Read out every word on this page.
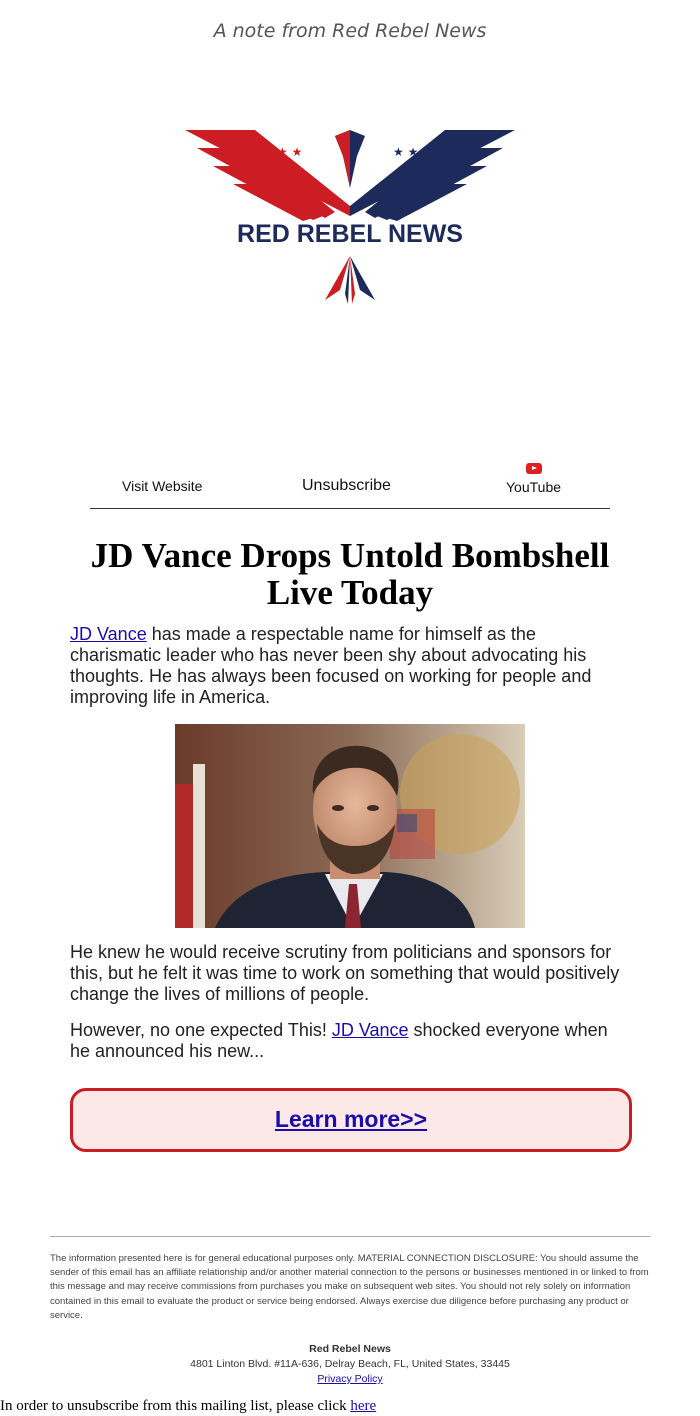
A note from Red Rebel News
★ ★	★ ★
RED REBEL NEWS
Visit Website	Unsubscribe	YouTube
JD Vance Drops Untold Bombshell Live Today

JD Vance has made a respectable name for himself as the charismatic leader who has never been shy about advocating his thoughts. He has always been focused on working for people and improving life in America.

He knew he would receive scrutiny from politicians and sponsors for this, but he felt it was time to work on something that would positively change the lives of millions of people.

However, no one expected This! JD Vance shocked everyone when he announced his new...

Learn more>>

The information presented here is for general educational purposes only. MATERIAL CONNECTION DISCLOSURE: You should assume the sender of this email has an affiliate relationship and/or another material connection to the persons or businesses mentioned in or linked to from this message and may receive commissions from purchases you make on subsequent web sites. You should not rely solely on information contained in this email to evaluate the product or service being endorsed. Always exercise due diligence before purchasing any product or service.

Red Rebel News
4801 Linton Blvd. #11A-636, Delray Beach, FL, United States, 33445
Privacy Policy
In order to unsubscribe from this mailing list, please click here
